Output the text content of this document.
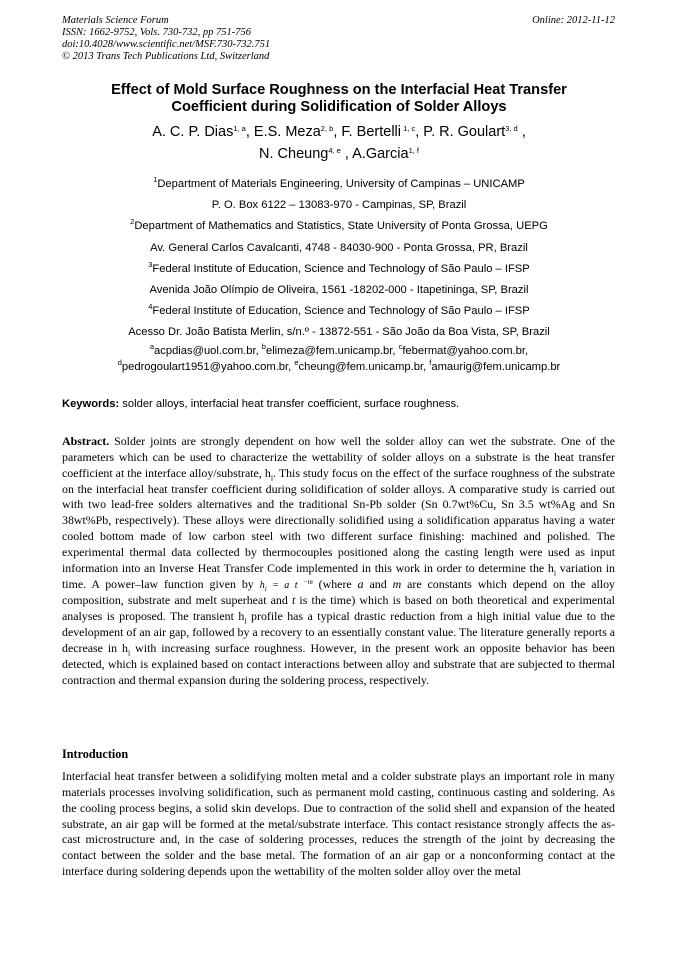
Materials Science Forum
ISSN: 1662-9752, Vols. 730-732, pp 751-756
doi:10.4028/www.scientific.net/MSF.730-732.751
© 2013 Trans Tech Publications Ltd, Switzerland
Online: 2012-11-12
Effect of Mold Surface Roughness on the Interfacial Heat Transfer
Coefficient during Solidification of Solder Alloys
A. C. P. Dias$^{1, a}$, E.S. Meza$^{2, b}$, F. Bertelli $^{1, c}$, P. R. Goulart$^{3, d}$ ,
N. Cheung$^{4, e}$ , A.Garcia$^{1, f}$
$^1$Department of Materials Engineering, University of Campinas – UNICAMP
P. O. Box 6122 – 13083-970 - Campinas, SP, Brazil
$^2$Department of Mathematics and Statistics, State University of Ponta Grossa, UEPG
Av. General Carlos Cavalcanti, 4748 - 84030-900 - Ponta Grossa, PR, Brazil
$^3$Federal Institute of Education, Science and Technology of São Paulo – IFSP
Avenida João Olímpio de Oliveira, 1561 -18202-000 - Itapetininga, SP, Brazil
$^4$Federal Institute of Education, Science and Technology of São Paulo – IFSP
Acesso Dr. João Batista Merlin, s/n.º - 13872-551 - São João da Boa Vista, SP, Brazil
$^a$acpdias@uol.com.br, $^b$elimeza@fem.unicamp.br, $^c$febermat@yahoo.com.br,
$^d$pedrogoulart1951@yahoo.com.br, $^e$cheung@fem.unicamp.br, $^f$amaurig@fem.unicamp.br
Keywords: solder alloys, interfacial heat transfer coefficient, surface roughness.
Abstract. Solder joints are strongly dependent on how well the solder alloy can wet the substrate. One of the parameters which can be used to characterize the wettability of solder alloys on a substrate is the heat transfer coefficient at the interface alloy/substrate, $h_i$. This study focus on the effect of the surface roughness of the substrate on the interfacial heat transfer coefficient during solidification of solder alloys. A comparative study is carried out with two lead-free solders alternatives and the traditional Sn-Pb solder (Sn 0.7wt%Cu, Sn 3.5 wt%Ag and Sn 38wt%Pb, respectively). These alloys were directionally solidified using a solidification apparatus having a water cooled bottom made of low carbon steel with two different surface finishing: machined and polished. The experimental thermal data collected by thermocouples positioned along the casting length were used as input information into an Inverse Heat Transfer Code implemented in this work in order to determine the $h_i$ variation in time. A power–law function given by $h_i = a$ t $^{-m}$ (where a and m are constants which depend on the alloy composition, substrate and melt superheat and t is the time) which is based on both theoretical and experimental analyses is proposed. The transient $h_i$ profile has a typical drastic reduction from a high initial value due to the development of an air gap, followed by a recovery to an essentially constant value. The literature generally reports a decrease in $h_i$ with increasing surface roughness. However, in the present work an opposite behavior has been detected, which is explained based on contact interactions between alloy and substrate that are subjected to thermal contraction and thermal expansion during the soldering process, respectively.
Introduction
Interfacial heat transfer between a solidifying molten metal and a colder substrate plays an important role in many materials processes involving solidification, such as permanent mold casting, continuous casting and soldering. As the cooling process begins, a solid skin develops. Due to contraction of the solid shell and expansion of the heated substrate, an air gap will be formed at the metal/substrate interface. This contact resistance strongly affects the as-cast microstructure and, in the case of soldering processes, reduces the strength of the joint by decreasing the contact between the solder and the base metal. The formation of an air gap or a nonconforming contact at the interface during soldering depends upon the wettability of the molten solder alloy over the metal
